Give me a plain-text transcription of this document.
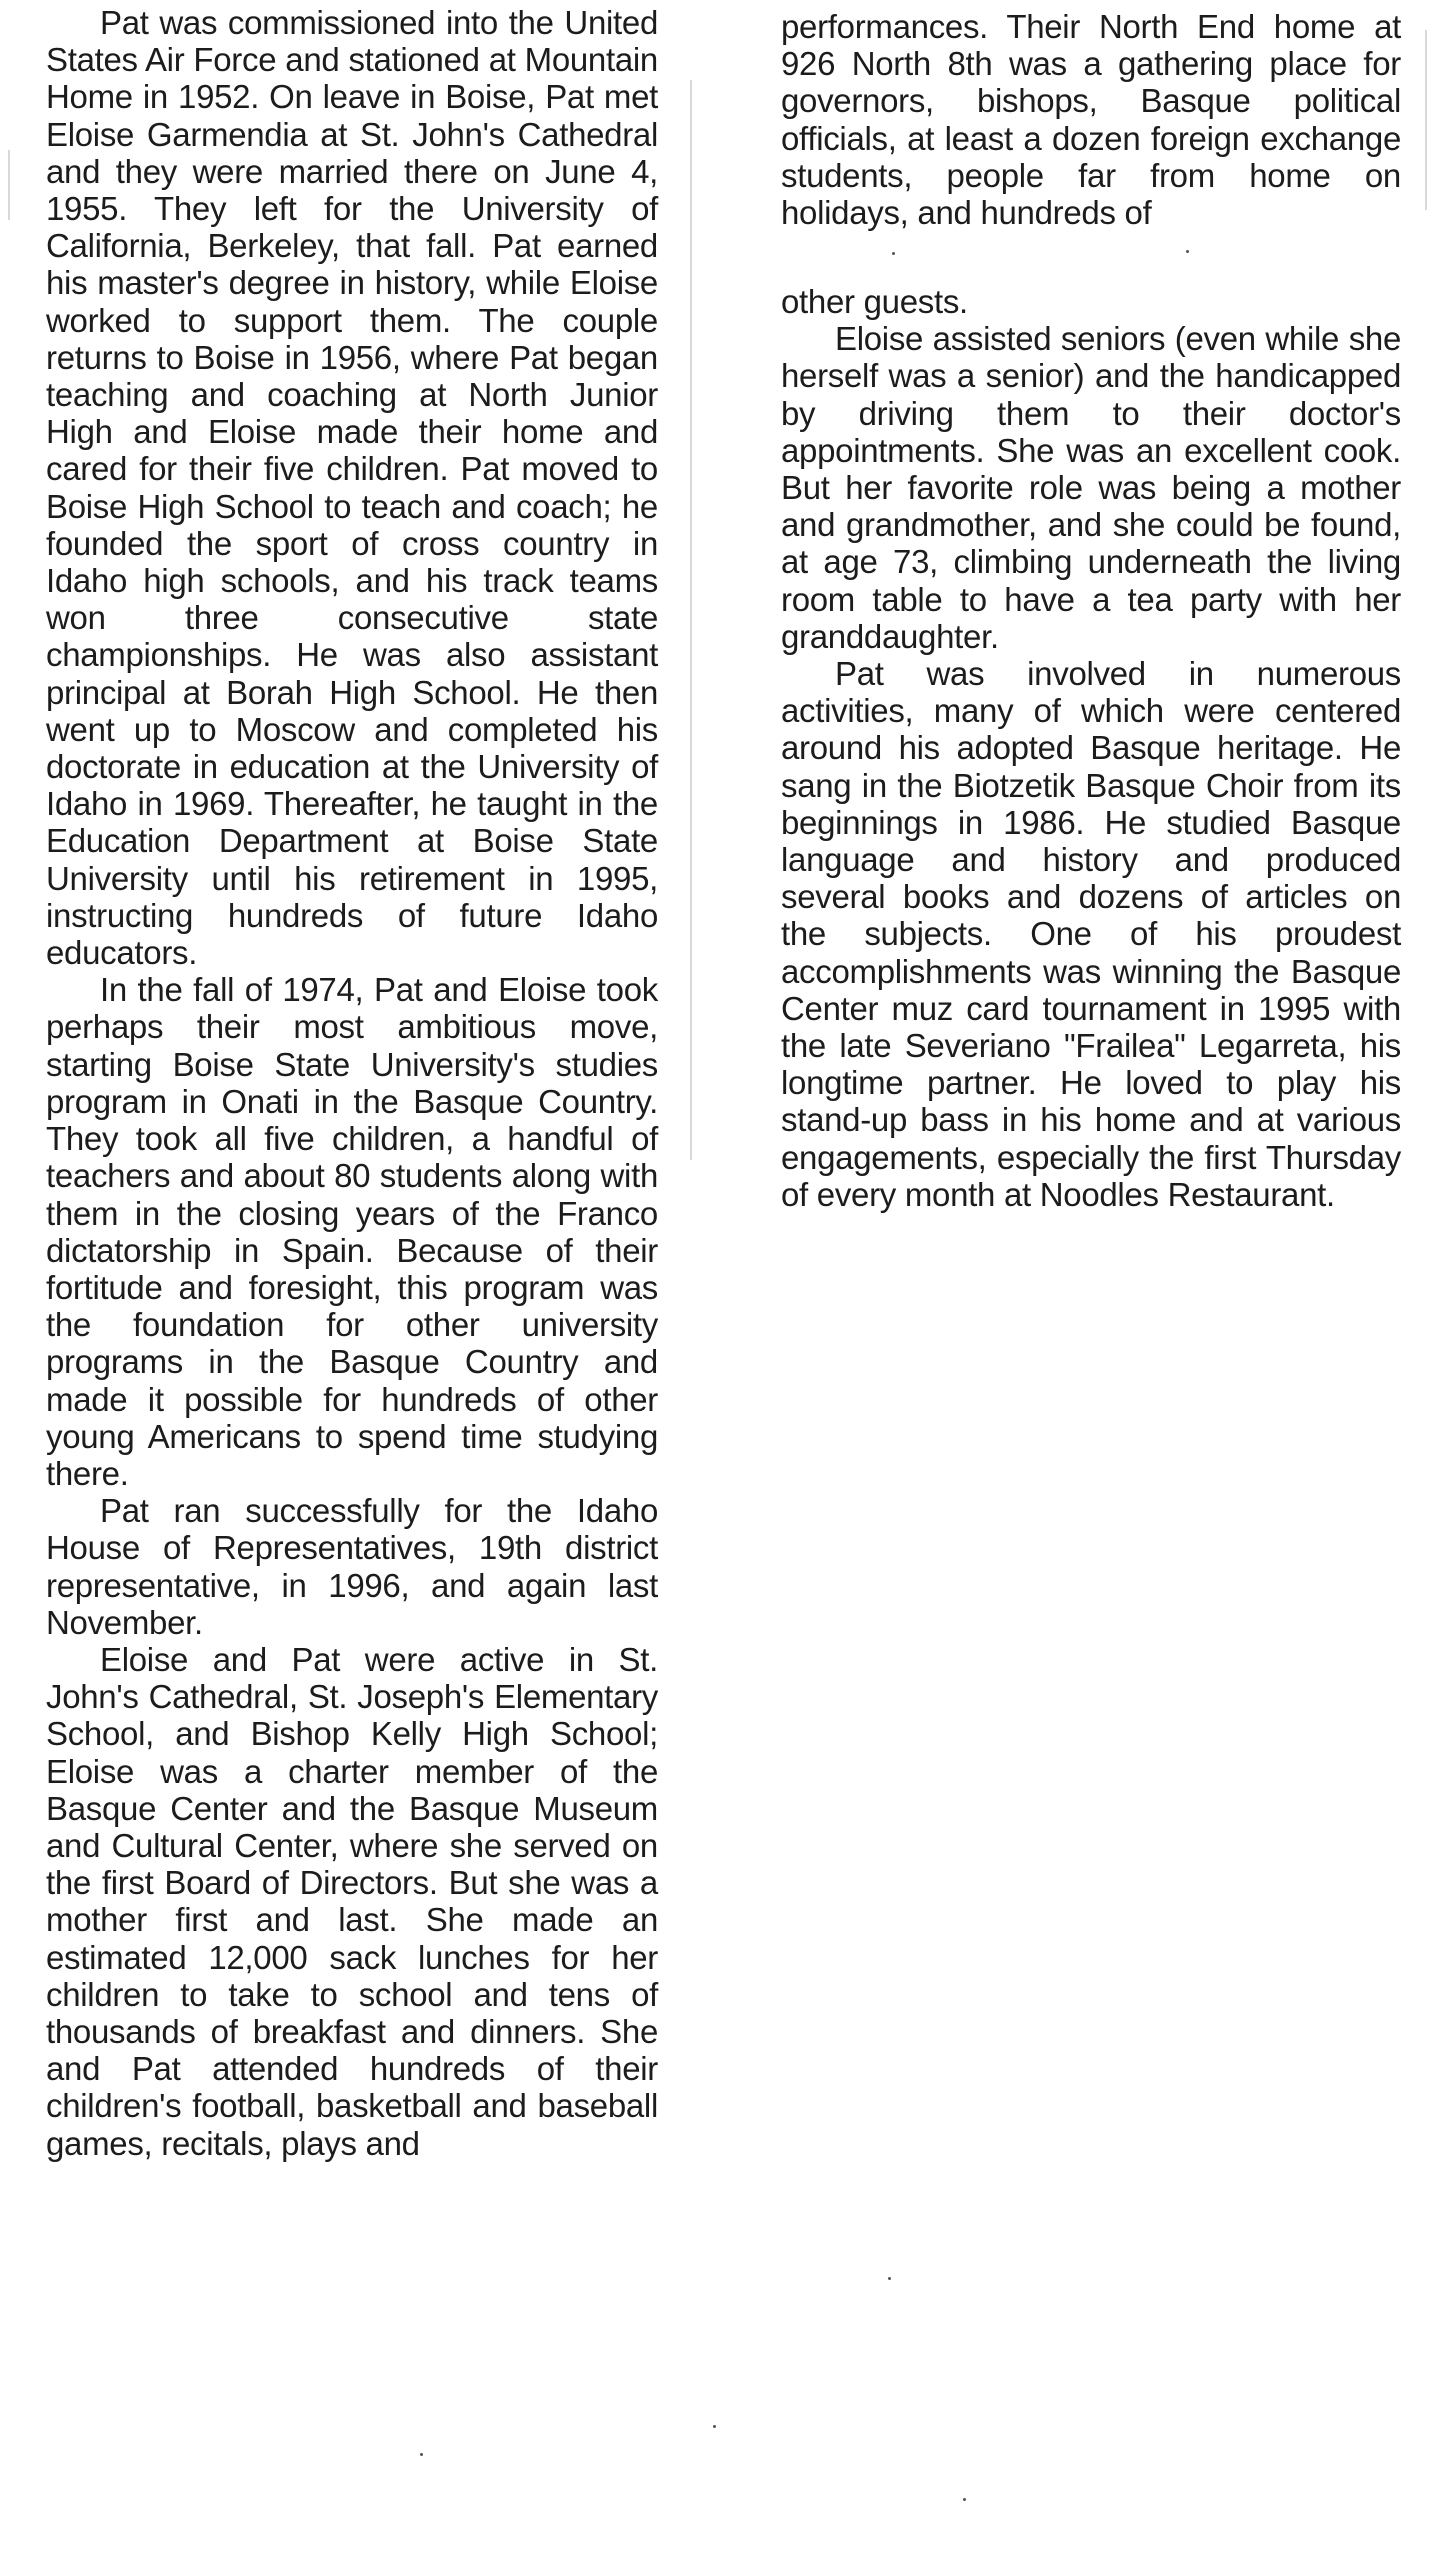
Pat was commissioned into the United States Air Force and stationed at Mountain Home in 1952. On leave in Boise, Pat met Eloise Garmendia at St. John's Cathedral and they were married there on June 4, 1955. They left for the University of California, Berkeley, that fall. Pat earned his master's degree in history, while Eloise worked to support them. The couple returns to Boise in 1956, where Pat began teaching and coaching at North Junior High and Eloise made their home and cared for their five children. Pat moved to Boise High School to teach and coach; he founded the sport of cross country in Idaho high schools, and his track teams won three consecutive state championships. He was also assistant principal at Borah High School. He then went up to Moscow and completed his doctorate in education at the University of Idaho in 1969. Thereafter, he taught in the Education Department at Boise State University until his retirement in 1995, instructing hundreds of future Idaho educators.

In the fall of 1974, Pat and Eloise took perhaps their most ambitious move, starting Boise State University's studies program in Onati in the Basque Country. They took all five children, a handful of teachers and about 80 students along with them in the closing years of the Franco dictatorship in Spain. Because of their fortitude and foresight, this program was the foundation for other university programs in the Basque Country and made it possible for hundreds of other young Americans to spend time studying there.

Pat ran successfully for the Idaho House of Representatives, 19th district representative, in 1996, and again last November.

Eloise and Pat were active in St. John's Cathedral, St. Joseph's Elementary School, and Bishop Kelly High School; Eloise was a charter member of the Basque Center and the Basque Museum and Cultural Center, where she served on the first Board of Directors. But she was a mother first and last. She made an estimated 12,000 sack lunches for her children to take to school and tens of thousands of breakfast and dinners. She and Pat attended hundreds of their children's football, basketball and baseball games, recitals, plays and

performances. Their North End home at 926 North 8th was a gathering place for governors, bishops, Basque political officials, at least a dozen foreign exchange students, people far from home on holidays, and hundreds of

other guests.

Eloise assisted seniors (even while she herself was a senior) and the handicapped by driving them to their doctor's appointments. She was an excellent cook. But her favorite role was being a mother and grandmother, and she could be found, at age 73, climbing underneath the living room table to have a tea party with her granddaughter.

Pat was involved in numerous activities, many of which were centered around his adopted Basque heritage. He sang in the Biotzetik Basque Choir from its beginnings in 1986. He studied Basque language and history and produced several books and dozens of articles on the subjects. One of his proudest accomplishments was winning the Basque Center muz card tournament in 1995 with the late Severiano "Frailea" Legarreta, his longtime partner. He loved to play his stand-up bass in his home and at various engagements, especially the first Thursday of every month at Noodles Restaurant.
